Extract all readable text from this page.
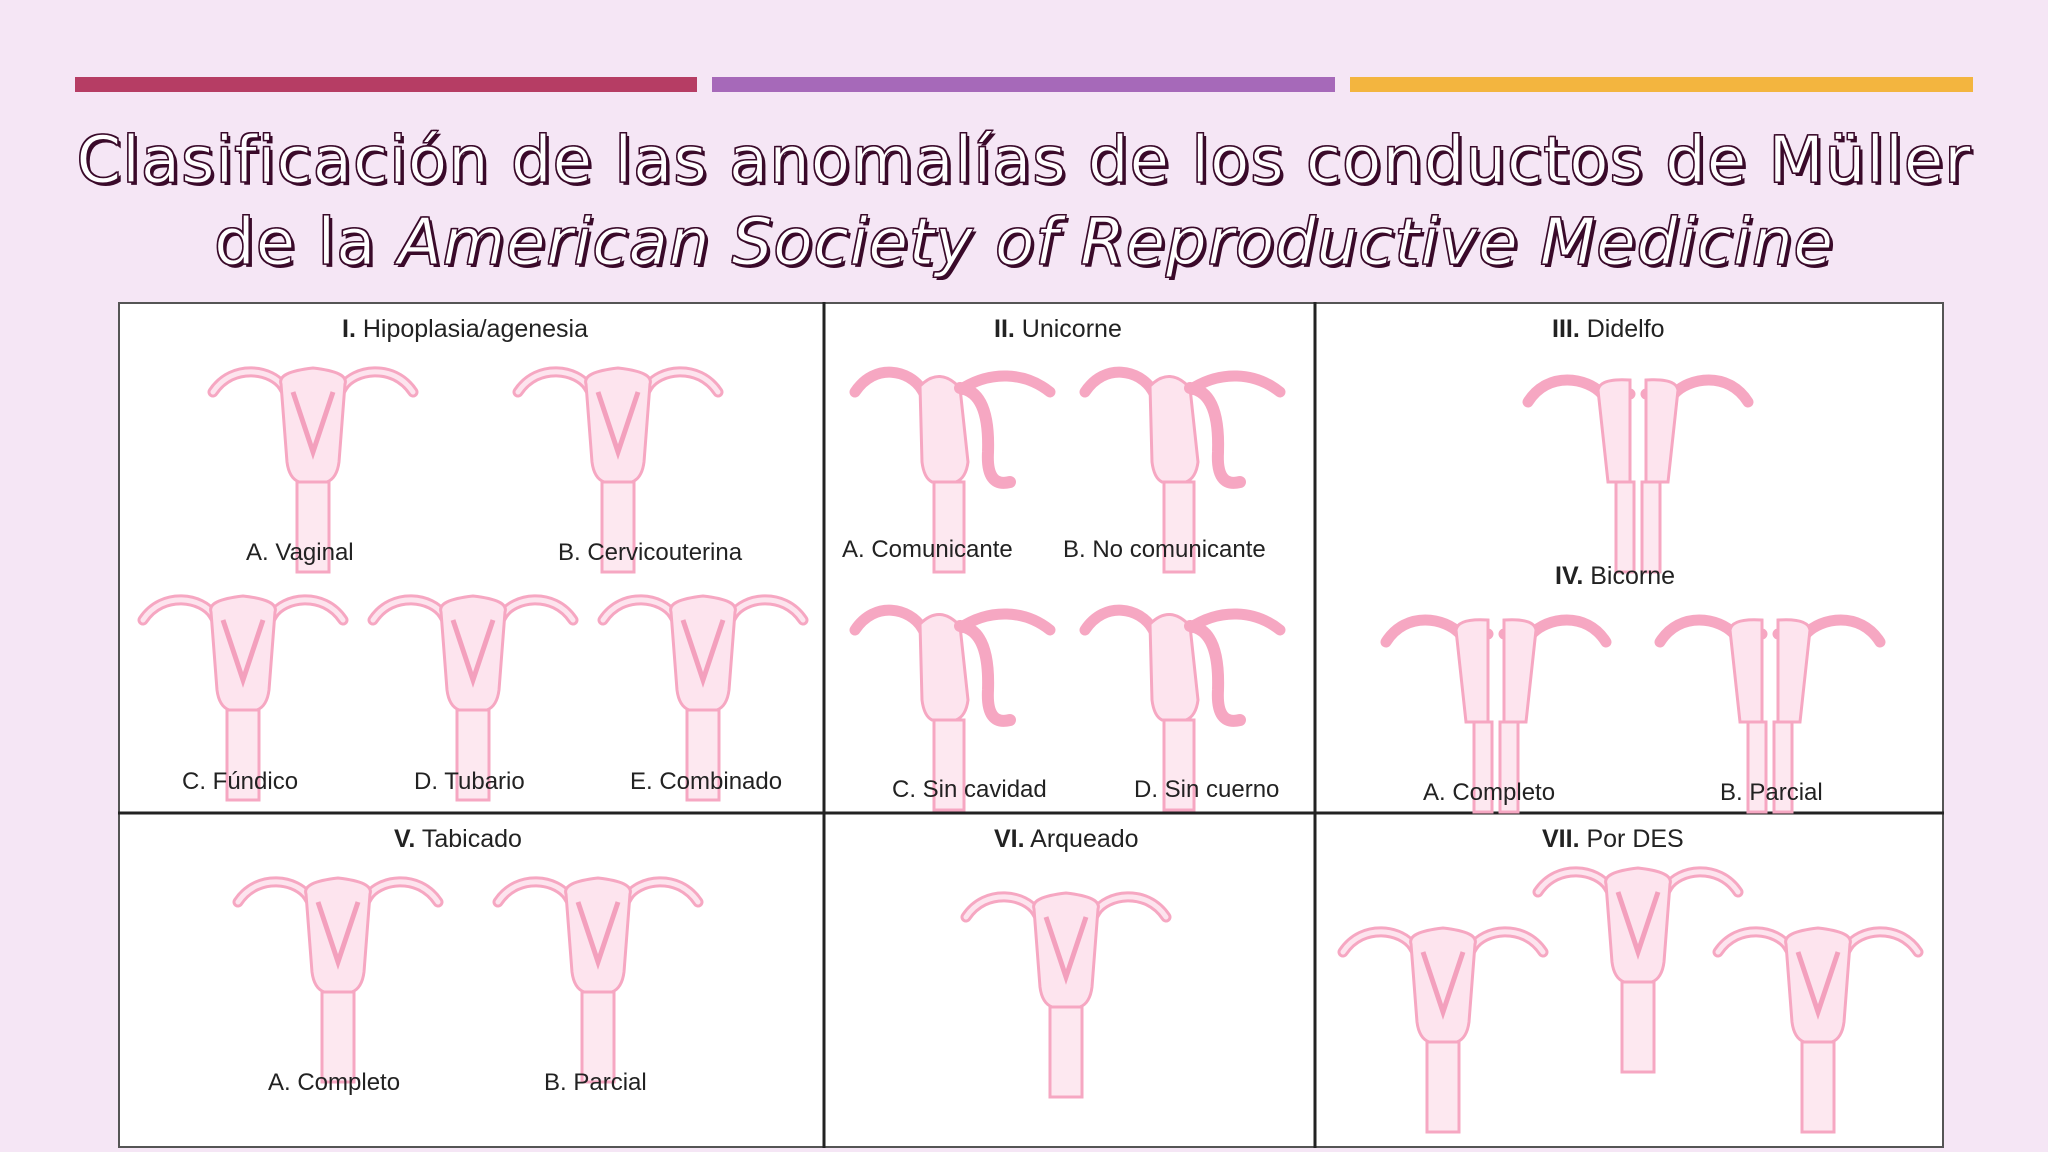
Clasificación de las anomalías de los conductos de Müller
de la American Society of Reproductive Medicine
I. Hipoplasia/agenesia
A. Vaginal	B. Cervicouterina
C. Fúndico	D. Tubario	E. Combinado
II. Unicorne
A. Comunicante B. No comunicante
C. Sin cavidad	D. Sin cuerno
III. Didelfo
IV. Bicorne
A. Completo	B. Parcial
V. Tabicado
A. Completo	B. Parcial
VI. Arqueado	VII. Por DES
